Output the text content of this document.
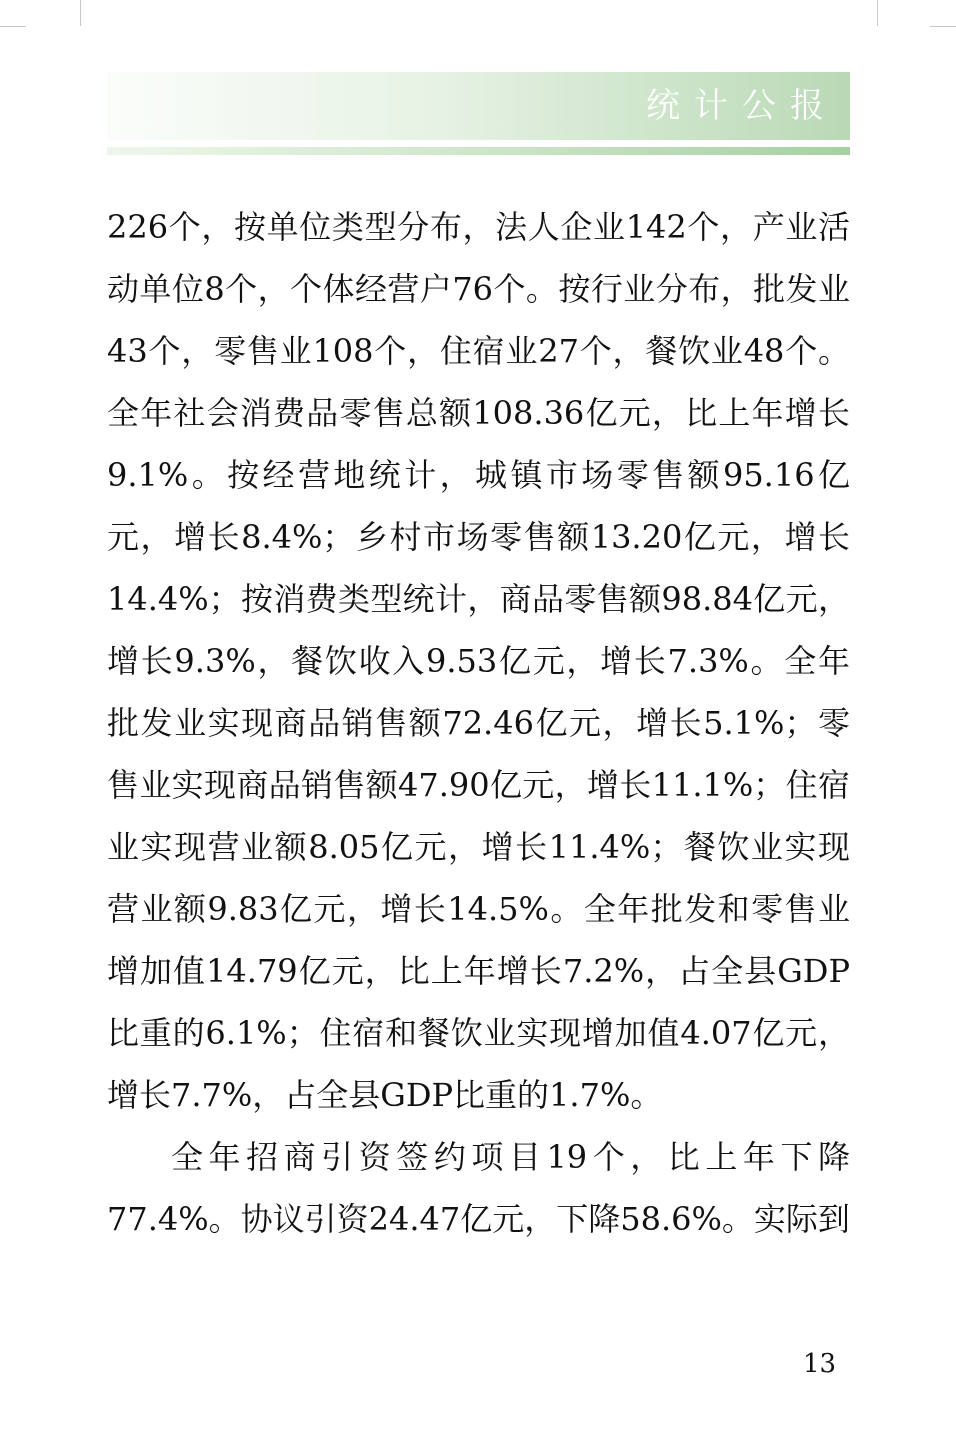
统计公报

226个，按单位类型分布，法人企业142个，产业活动单位8个，个体经营户76个。按行业分布，批发业43个，零售业108个，住宿业27个，餐饮业48个。全年社会消费品零售总额108.36亿元，比上年增长9.1%。按经营地统计，城镇市场零售额95.16亿元，增长8.4%；乡村市场零售额13.20亿元，增长14.4%；按消费类型统计，商品零售额98.84亿元，增长9.3%，餐饮收入9.53亿元，增长7.3%。全年批发业实现商品销售额72.46亿元，增长5.1%；零售业实现商品销售额47.90亿元，增长11.1%；住宿业实现营业额8.05亿元，增长11.4%；餐饮业实现营业额9.83亿元，增长14.5%。全年批发和零售业增加值14.79亿元，比上年增长7.2%，占全县GDP比重的6.1%；住宿和餐饮业实现增加值4.07亿元，增长7.7%，占全县GDP比重的1.7%。

全年招商引资签约项目19个，比上年下降77.4%。协议引资24.47亿元，下降58.6%。实际到

13
